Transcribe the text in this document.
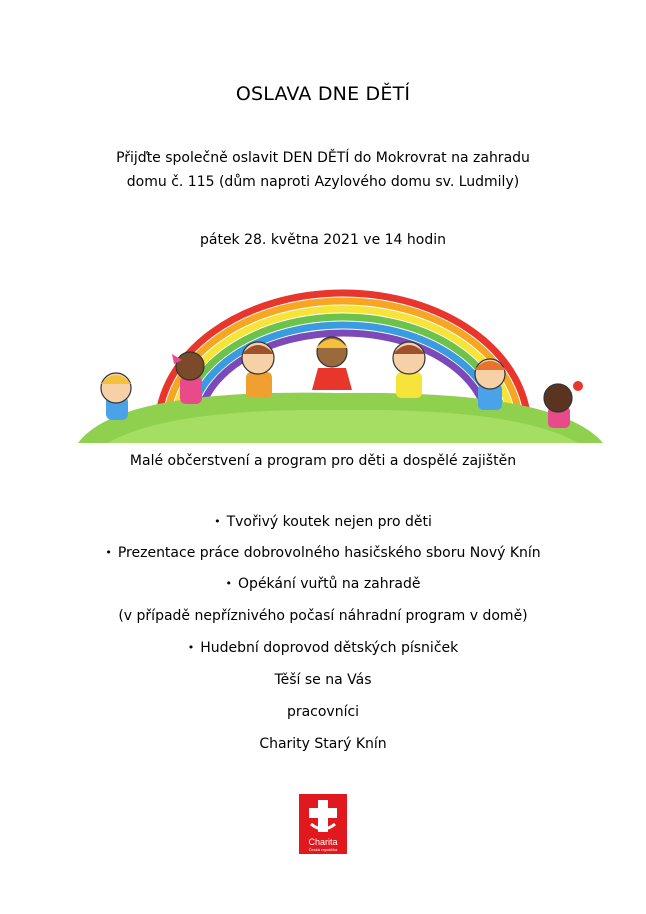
OSLAVA DNE DĚTÍ
Přijďte společně oslavit DEN DĚTÍ do Mokrovrat na zahradu
domu č. 115 (dům naproti Azylového domu sv. Ludmily)
pátek 28. května 2021 ve 14 hodin
Malé občerstvení a program pro děti a dospělé zajištěn
• Tvořivý koutek nejen pro děti
• Prezentace práce dobrovolného hasičského sboru Nový Knín
• Opékání vuřtů na zahradě
(v případě nepříznivého počasí náhradní program v domě)
• Hudební doprovod dětských písniček
Těší se na Vás
pracovníci
Charity Starý Knín
Charita
Česká republika
